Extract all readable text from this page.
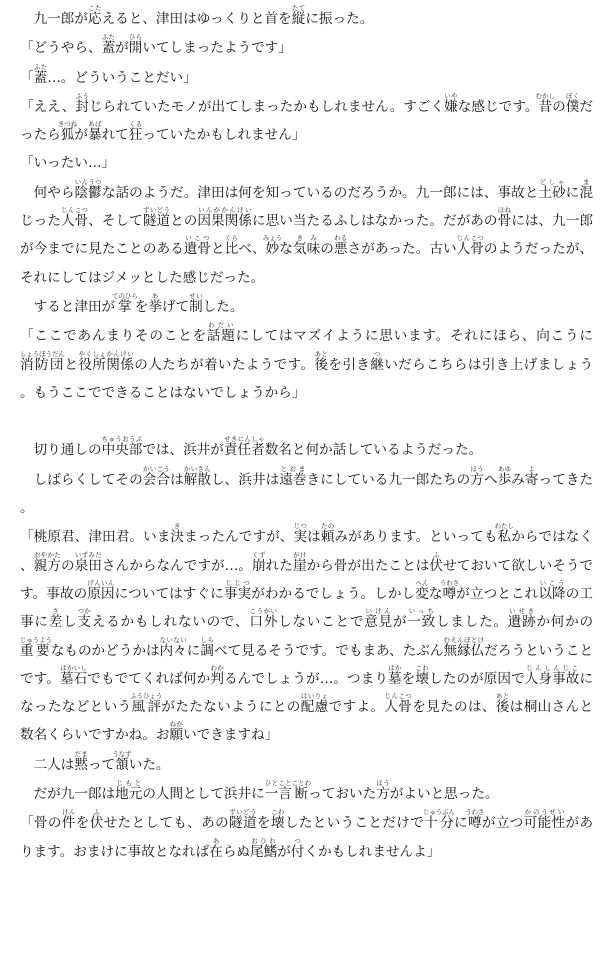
九一郎が応こたえると、津田はゆっくりと首を縦たてに振った。

「どうやら、蓋ふたが開ひらいてしまったようです」

「蓋ふた…。どういうことだい」

「ええ、封ふうじられていたモノが出てしまったかもしれません。すごく嫌いやな感じです。昔むかしの僕ぼくだったら狐きつねが暴あばれて狂くるっていたかもしれません」

「いったい…」

何やら陰鬱いんうつな話のようだ。津田は何を知っているのだろうか。九一郎には、事故と土砂どしゃに混まじった人骨じんこつ、そして隧道ずいどうとの因果関係いんがかんけいに思い当たるふしはなかった。だがあの骨ほねには、九一郎が今までに見たことのある遺骨いこつと比くらべ、妙みょうな気味きみの悪わるさがあった。古い人骨じんこつのようだったが、それにしてはジメッとした感じだった。

すると津田が掌てのひらを挙あげて制せいした。

「ここであんまりそのことを話題わだいにしてはマズイように思います。それにほら、向こうに消防団しょうぼうだんと役所やくしょ関係かんけいの人たちが着いたようです。後あとを引き継ついだらこちらは引き上げましょう。もうここでできることはないでしょうから」

切り通しの中央部ちゅうおうぶでは、浜井が責任者せきにんしゃ数名と何か話しているようだった。

しばらくしてその会合かいごうは解散かいさんし、浜井は遠巻とおまきにしている九一郎たちの方ほうへ歩あゆみ寄よってきた。

「桃原君、津田君。いま決きまったんですが、実じつは頼たのみがあります。といっても私わたしからではなく、親方おやかたの泉田いずみださんからなんですが…。崩くずれた崖がけから骨が出たことは伏ふせておいて欲しいそうです。事故の原因げんいんについてはすぐに事実じじつがわかるでしょう。しかし変へんな噂うわさが立つとこれ以降いこうの工事に差さし支つかえるかもしれないので、口外こうがいしないことで意見いけんが一致いっちしました。遺跡いせきか何かの重要じゅうようなものかどうかは内々ないないに調しらべて見るそうです。でもまあ、たぶん無縁仏むえんぼとけだろうということです。墓石はかいしでもでてくれば何か判わかるんでしょうが…。つまり墓はかを壊こわしたのが原因で人身事故じんしんじこになったなどという風評ふうひょうがたたないようにとの配慮はいりょですよ。人骨じんこつを見たのは、後あとは桐山さんと数名くらいですかね。お願ねがいできますね」

二人は黙だまって頷うなずいた。

だが九一郎は地元じもとの人間として浜井に一言ひとこと断ことわっておいた方ほうがよいと思った。

「骨の件けんを伏ふせたとしても、あの隧道ずいどうを壊こわしたということだけで十分じゅうぶんに噂うわさが立つ可能性かのうせいがあります。おまけに事故となれば在あらぬ尾鰭おひれが付つくかもしれませんよ」
